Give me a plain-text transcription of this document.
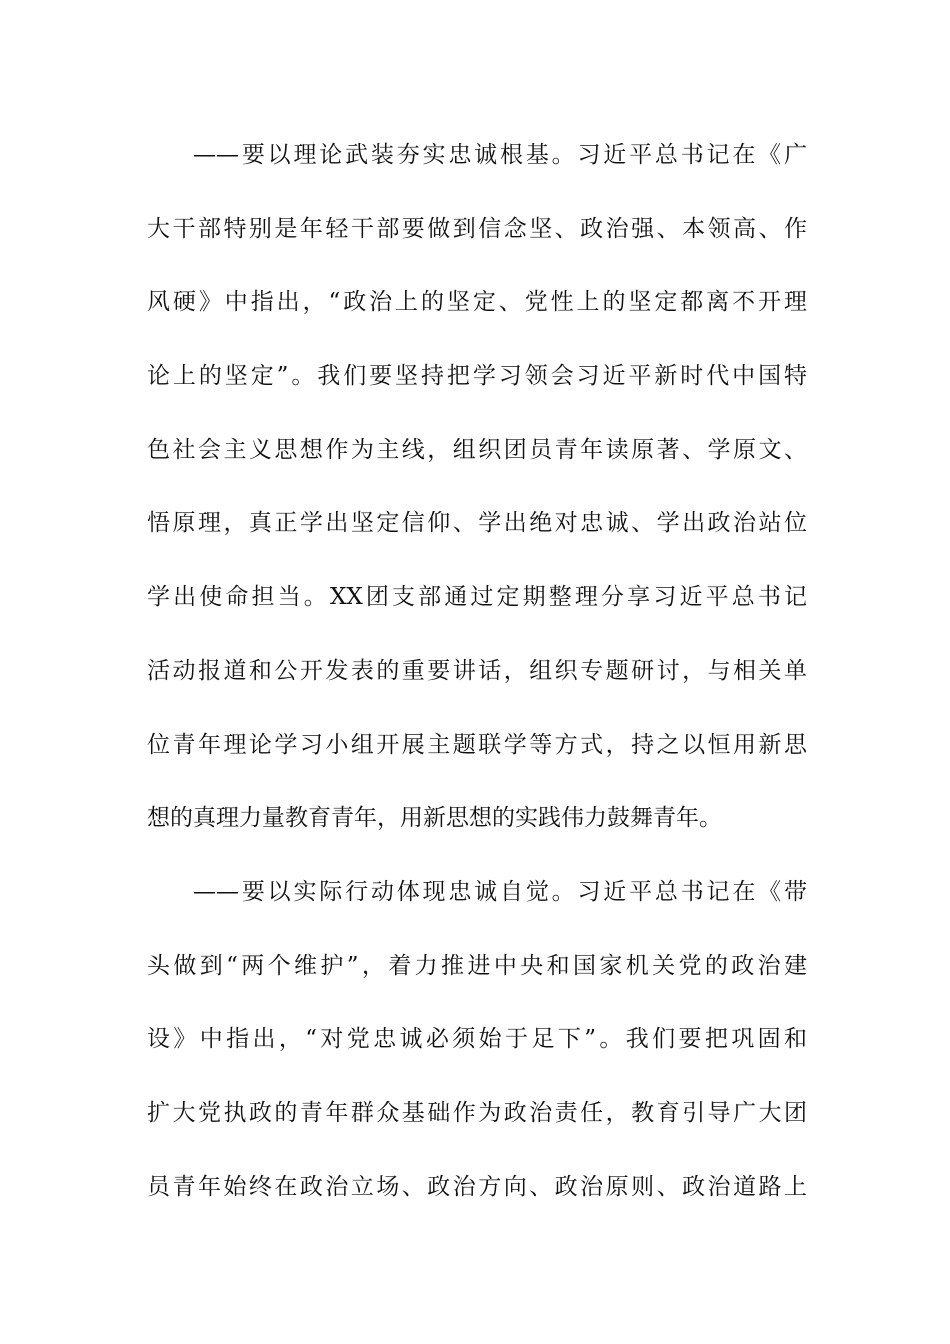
——要以理论武装夯实忠诚根基。习近平总书记在《广
大干部特别是年轻干部要做到信念坚、政治强、本领高、作
风硬》中指出，“政治上的坚定、党性上的坚定都离不开理
论上的坚定”。我们要坚持把学习领会习近平新时代中国特
色社会主义思想作为主线，组织团员青年读原著、学原文、
悟原理，真正学出坚定信仰、学出绝对忠诚、学出政治站位
学出使命担当。XX团支部通过定期整理分享习近平总书记
活动报道和公开发表的重要讲话，组织专题研讨，与相关单
位青年理论学习小组开展主题联学等方式，持之以恒用新思
想的真理力量教育青年，用新思想的实践伟力鼓舞青年。
——要以实际行动体现忠诚自觉。习近平总书记在《带
头做到“两个维护”，着力推进中央和国家机关党的政治建
设》中指出，“对党忠诚必须始于足下”。我们要把巩固和
扩大党执政的青年群众基础作为政治责任，教育引导广大团
员青年始终在政治立场、政治方向、政治原则、政治道路上
